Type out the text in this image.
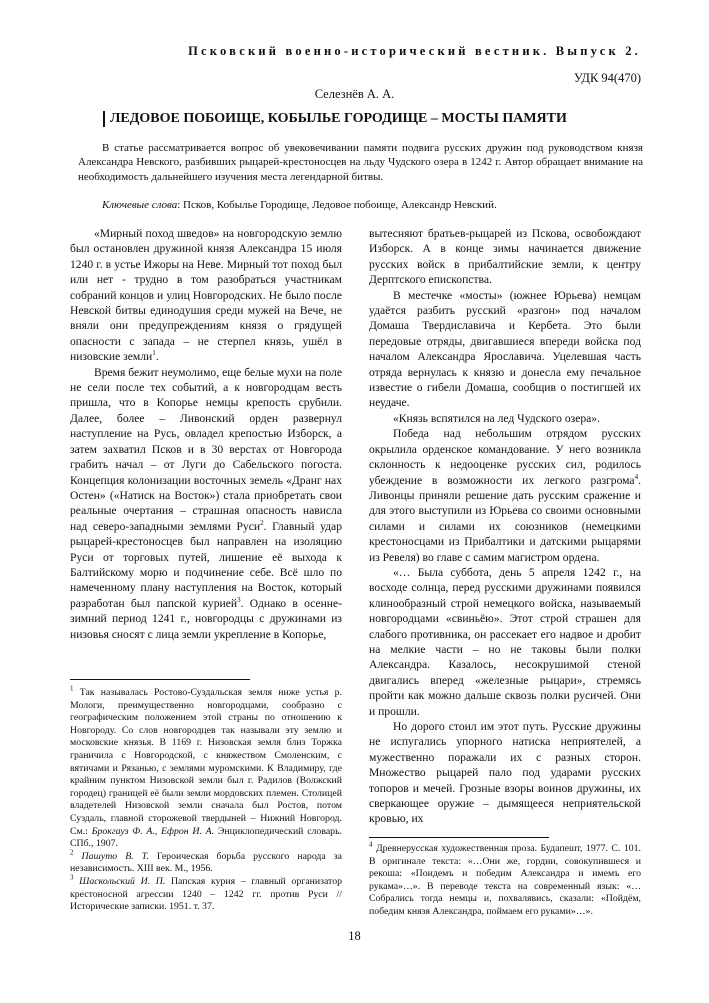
Псковский военно-исторический вестник. Выпуск 2.
УДК 94(470)
Селезнёв А. А.
ЛЕДОВОЕ ПОБОИЩЕ, КОБЫЛЬЕ ГОРОДИЩЕ – МОСТЫ ПАМЯТИ

В статье рассматривается вопрос об увековечивании памяти подвига русских дружин под руководством князя Александра Невского, разбивших рыцарей-крестоносцев на льду Чудского озера в 1242 г. Автор обращает внимание на необходимость дальнейшего изучения места легендарной битвы.

Ключевые слова: Псков, Кобылье Городище, Ледовое побоище, Александр Невский.

«Мирный поход шведов» на новгородскую землю был остановлен дружиной князя Александра 15 июля 1240 г. в устье Ижоры на Неве. Мирный тот поход был или нет - трудно в том разобраться участникам собраний концов и улиц Новгородских. Не было после Невской битвы единодушия среди мужей на Вече, не вняли они предупреждениям князя о грядущей опасности с запада – не стерпел князь, ушёл в низовские земли$^1$.

Время бежит неумолимо, еще белые мухи на поле не сели после тех событий, а к новгородцам весть пришла, что в Копорье немцы крепость срубили. Далее, более – Ливонский орден развернул наступление на Русь, овладел крепостью Изборск, а затем захватил Псков и в 30 верстах от Новгорода грабить начал – от Луги до Сабельского погоста. Концепция колонизации восточных земель «Дранг нах Остен» («Натиск на Восток») стала приобретать свои реальные очертания – страшная опасность нависла над северо-западными землями Руси$^2$. Главный удар рыцарей-крестоносцев был направлен на изоляцию Руси от торговых путей, лишение её выхода к Балтийскому морю и подчинение себе. Всё шло по намеченному плану наступления на Восток, который разработан был папской курией$^3$. Однако в осенне-зимний период 1241 г., новгородцы с дружинами из низовья сносят с лица земли укрепление в Копорье,

вытесняют братьев-рыцарей из Пскова, освобождают Изборск. А в конце зимы начинается движение русских войск в прибалтийские земли, к центру Дерптского епископства.

В местечке «мосты» (южнее Юрьева) немцам удаётся разбить русский «разгон» под началом Домаша Твердиславича и Кербета. Это были передовые отряды, двигавшиеся впереди войска под началом Александра Ярославича. Уцелевшая часть отряда вернулась к князю и донесла ему печальное известие о гибели Домаша, сообщив о постигшей их неудаче.

«Князь вспятился на лед Чудского озера».

Победа над небольшим отрядом русских окрылила орденское командование. У него возникла склонность к недооценке русских сил, родилось убеждение в возможности их легкого разгрома$^4$. Ливонцы приняли решение дать русским сражение и для этого выступили из Юрьева со своими основными силами и силами их союзников (немецкими крестоносцами из Прибалтики и датскими рыцарями из Ревеля) во главе с самим магистром ордена.

«… Была суббота, день 5 апреля 1242 г., на восходе солнца, перед русскими дружинами появился клинообразный строй немецкого войска, называемый новгородцами «свиньёю». Этот строй страшен для слабого противника, он рассекает его надвое и дробит на мелкие части – но не таковы были полки Александра. Казалось, несокрушимой стеной двигались вперед «железные рыцари», стремясь пройти как можно дальше сквозь полки русичей. Они и прошли.

Но дорого стоил им этот путь. Русские дружины не испугались упорного натиска неприятелей, а мужественно поражали их с разных сторон. Множество рыцарей пало под ударами русских топоров и мечей. Грозные взоры воинов дружины, их сверкающее оружие – дымящееся неприятельской кровью, их

$^1$ Так называлась Ростово-Суздальская земля ниже устья р. Мологи, преимущественно новгородцами, сообразно с географическим положением этой страны по отношению к Новгороду. Со слов новгородцев так называли эту землю и московские князья. В 1169 г. Низовская земля близ Торжка граничила с Новгородской, с княжеством Смоленским, с вятичами и Рязанью, с землями муромскими. К Владимиру, где крайним пунктом Низовской земли был г. Радилов (Волжский городец) границей её были земли мордовских племен. Столицей владетелей Низовской земли сначала был Ростов, потом Суздаль, главной сторожевой твердыней – Нижний Новгород. См.: Брокгауз Ф. А., Ефрон И. А. Энциклопедический словарь. СПб., 1907.

$^2$ Пашуто В. Т. Героическая борьба русского народа за независимость. XIII век. М., 1956.

$^3$ Шаскольский И. П. Папская курия – главный организатор крестоносной агрессии 1240 – 1242 гг. против Руси // Исторические записки. 1951. т. 37.

$^4$ Древнерусская художественная проза. Будапешт, 1977. С. 101. В оригинале текста: «…Они же, гордии, совокупившеся и рекоша: «Поидемъ и победим Александра и имемъ его рукама»…». В переводе текста на современный язык: «… Собрались тогда немцы и, похвалявись, сказали: «Пойдём, победим князя Александра, поймаем его руками»…».

18
